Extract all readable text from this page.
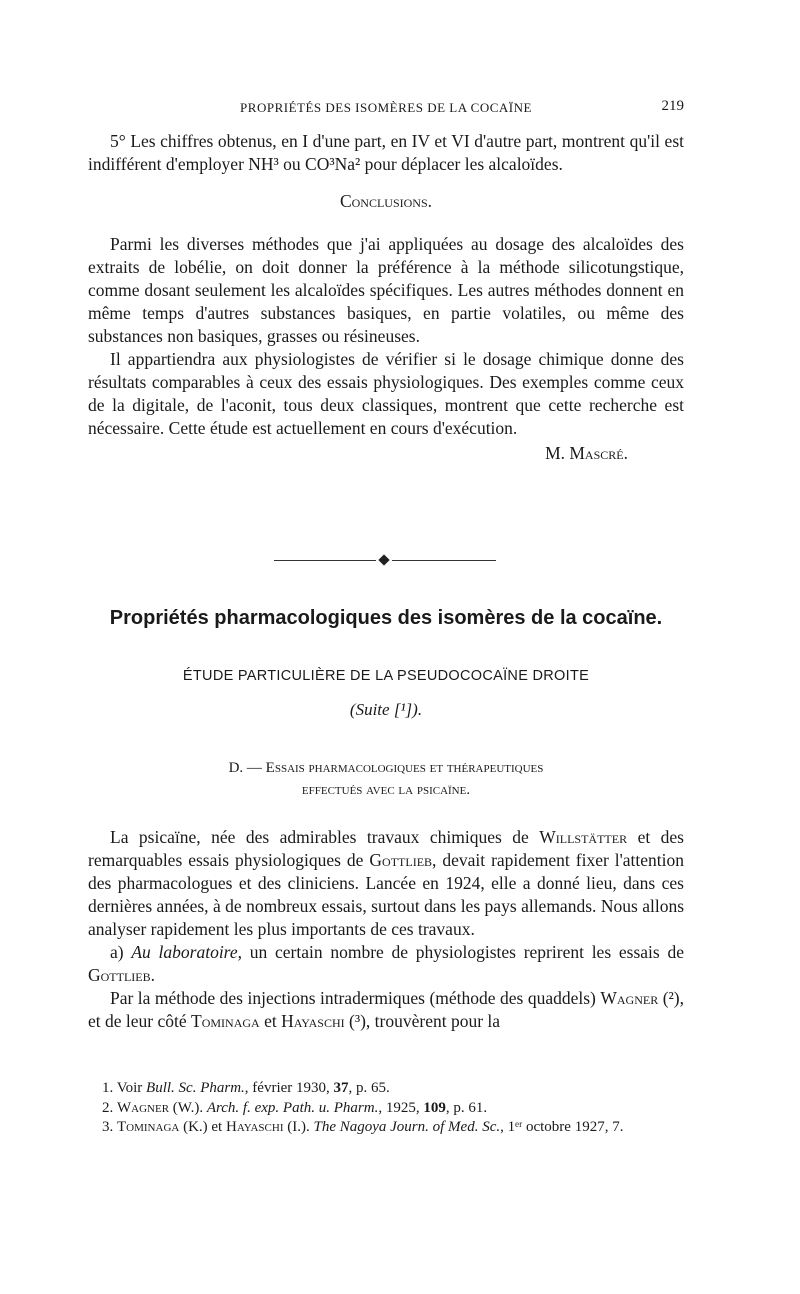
PROPRIÉTÉS DES ISOMÈRES DE LA COCAÏNE	219

5° Les chiffres obtenus, en I d'une part, en IV et VI d'autre part, montrent qu'il est indifférent d'employer NH³ ou CO³Na² pour déplacer les alcaloïdes.

Conclusions.

Parmi les diverses méthodes que j'ai appliquées au dosage des alcaloïdes des extraits de lobélie, on doit donner la préférence à la méthode silicotungstique, comme dosant seulement les alcaloïdes spécifiques. Les autres méthodes donnent en même temps d'autres substances basiques, en partie volatiles, ou même des substances non basiques, grasses ou résineuses.

Il appartiendra aux physiologistes de vérifier si le dosage chimique donne des résultats comparables à ceux des essais physiologiques. Des exemples comme ceux de la digitale, de l'aconit, tous deux classiques, montrent que cette recherche est nécessaire. Cette étude est actuellement en cours d'exécution.

M. Mascré.

Propriétés pharmacologiques des isomères de la cocaïne.
ÉTUDE PARTICULIÈRE DE LA PSEUDOCOCAÏNE DROITE
(Suite [¹]).
D. — Essais pharmacologiques et thérapeutiques
effectués avec la psicaïne.

La psicaïne, née des admirables travaux chimiques de Willstätter et des remarquables essais physiologiques de Gottlieb, devait rapidement fixer l'attention des pharmacologues et des cliniciens. Lancée en 1924, elle a donné lieu, dans ces dernières années, à de nombreux essais, surtout dans les pays allemands. Nous allons analyser rapidement les plus importants de ces travaux.

a) Au laboratoire, un certain nombre de physiologistes reprirent les essais de Gottlieb.

Par la méthode des injections intradermiques (méthode des quaddels) Wagner (²), et de leur côté Tominaga et Hayaschi (³), trouvèrent pour la

1. Voir Bull. Sc. Pharm., février 1930, 37, p. 65.

2. Wagner (W.). Arch. f. exp. Path. u. Pharm., 1925, 109, p. 61.

3. Tominaga (K.) et Hayaschi (I.). The Nagoya Journ. of Med. Sc., 1ᵉʳ octobre 1927, 7.
